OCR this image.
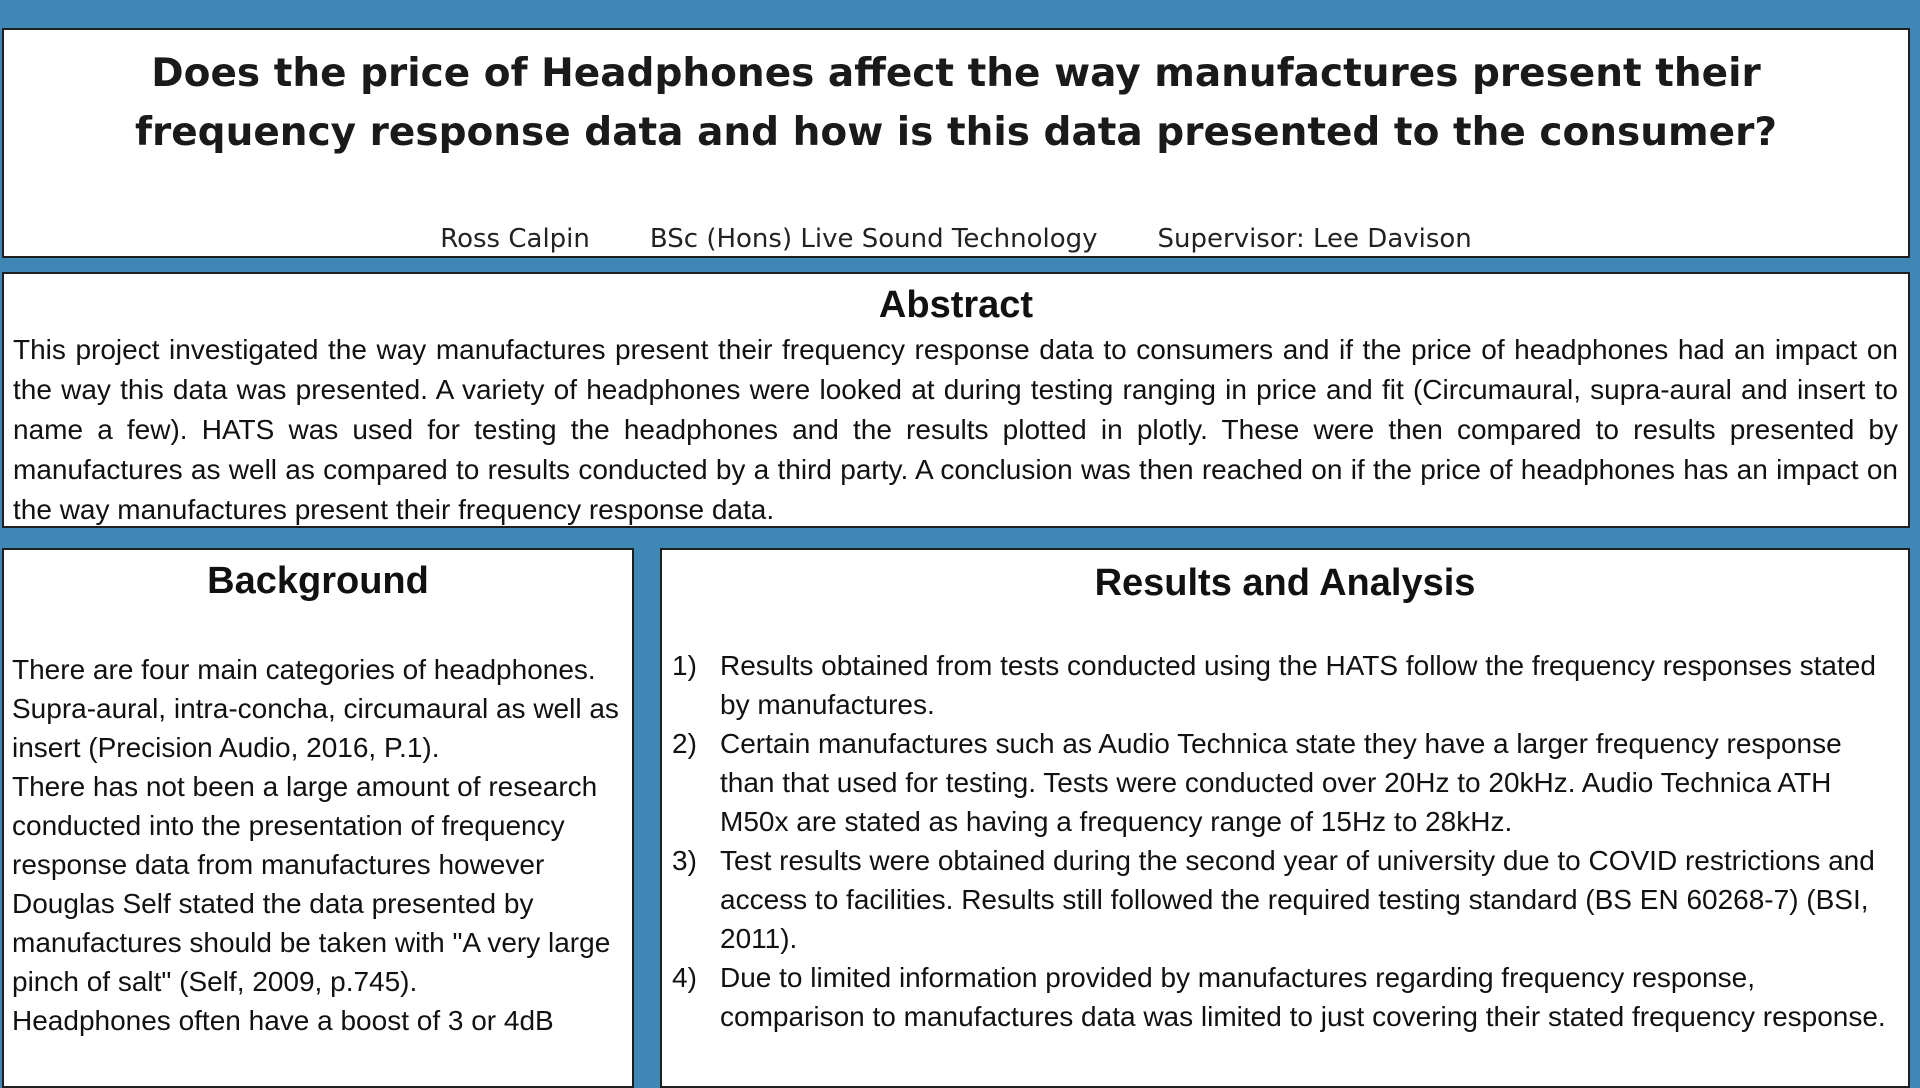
Does the price of Headphones affect the way manufactures present their frequency response data and how is this data presented to the consumer?
Ross Calpin BSc (Hons) Live Sound Technology Supervisor: Lee Davison
Abstract
This project investigated the way manufactures present their frequency response data to consumers and if the price of headphones had an impact on the way this data was presented. A variety of headphones were looked at during testing ranging in price and fit (Circumaural, supra-aural and insert to name a few). HATS was used for testing the headphones and the results plotted in plotly. These were then compared to results presented by manufactures as well as compared to results conducted by a third party. A conclusion was then reached on if the price of headphones has an impact on the way manufactures present their frequency response data.
Background

There are four main categories of headphones. Supra-aural, intra-concha, circumaural as well as insert (Precision Audio, 2016, P.1).

There has not been a large amount of research conducted into the presentation of frequency response data from manufactures however Douglas Self stated the data presented by manufactures should be taken with "A very large pinch of salt" (Self, 2009, p.745).

Headphones often have a boost of 3 or 4dB

Results and Analysis
1) Results obtained from tests conducted using the HATS follow the frequency responses stated by manufactures.
2) Certain manufactures such as Audio Technica state they have a larger frequency response than that used for testing. Tests were conducted over 20Hz to 20kHz. Audio Technica ATH M50x are stated as having a frequency range of 15Hz to 28kHz.
3) Test results were obtained during the second year of university due to COVID restrictions and access to facilities. Results still followed the required testing standard (BS EN 60268-7) (BSI, 2011).
4) Due to limited information provided by manufactures regarding frequency response, comparison to manufactures data was limited to just covering their stated frequency response.
